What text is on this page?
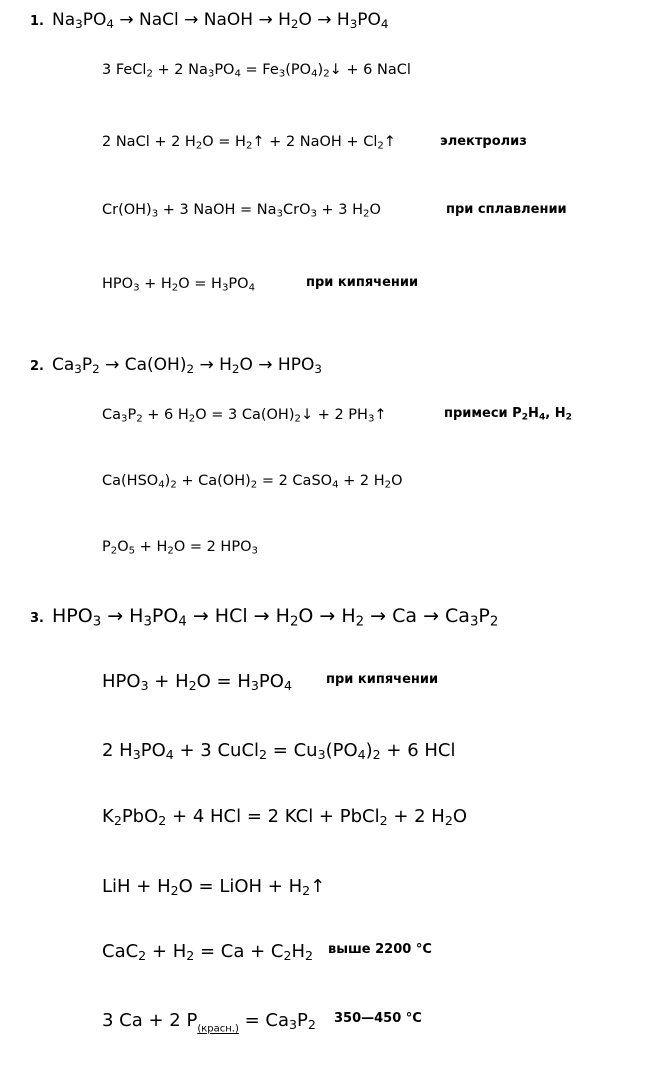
1. $Na_3PO_4$ → NaCl → NaOH → $H_2O \to H_3PO_4$
3 FeCl$_2$ + 2 $Na_3PO_4$ = $Fe_3(PO_4)_2↓ + 6$ NaCl
2 NaCl + 2 $H_2O$ = $H_2↑ + 2$ NaOH + $Cl_2↑$	электролиз
$Cr(OH)_3 + 3$ NaOH = $Na_3CrO_3 + 3$ $H_2O$	при сплавлении
$HPO_3 + H_2O = H_3PO_4$	при кипячении
2. $Ca_3P_2 \to Ca(OH)_2 \to H_2O \to HPO_3$
$Ca_3P_2 + 6$ $H_2O = 3$ $Ca(OH)_2↓ + 2$ $PH_3↑$	примеси $P_2H_4$, $H_2$
$Ca(HSO_4)_2 + Ca(OH)_2 = 2$ CaSO$_4$ + 2 $H_2O$
$P_2O_5 + H_2O = 2$ $HPO_3$
3. $HPO_3 \to H_3PO_4$ → HCl → $H_2O \to H_2 \to Ca \to Ca_3P_2$
$HPO_3 + H_2O = H_3PO_4$	при кипячении
2 $H_3PO_4 + 3$ CuCl$_2$ = $Cu_3(PO_4)_2 + 6$ HCl
$K_2PbO_2 + 4$ HCl = 2 KCl + PbCl$_2$ + 2 $H_2O$
LiH + $H_2O$ = LiOH + $H_2↑$
$CaC_2 + H_2 = Ca + C_2H_2$ выше 2200 °C
3 Ca + 2 $P_{(красн.)} = Ca_3P_2$ 350—450 °C
